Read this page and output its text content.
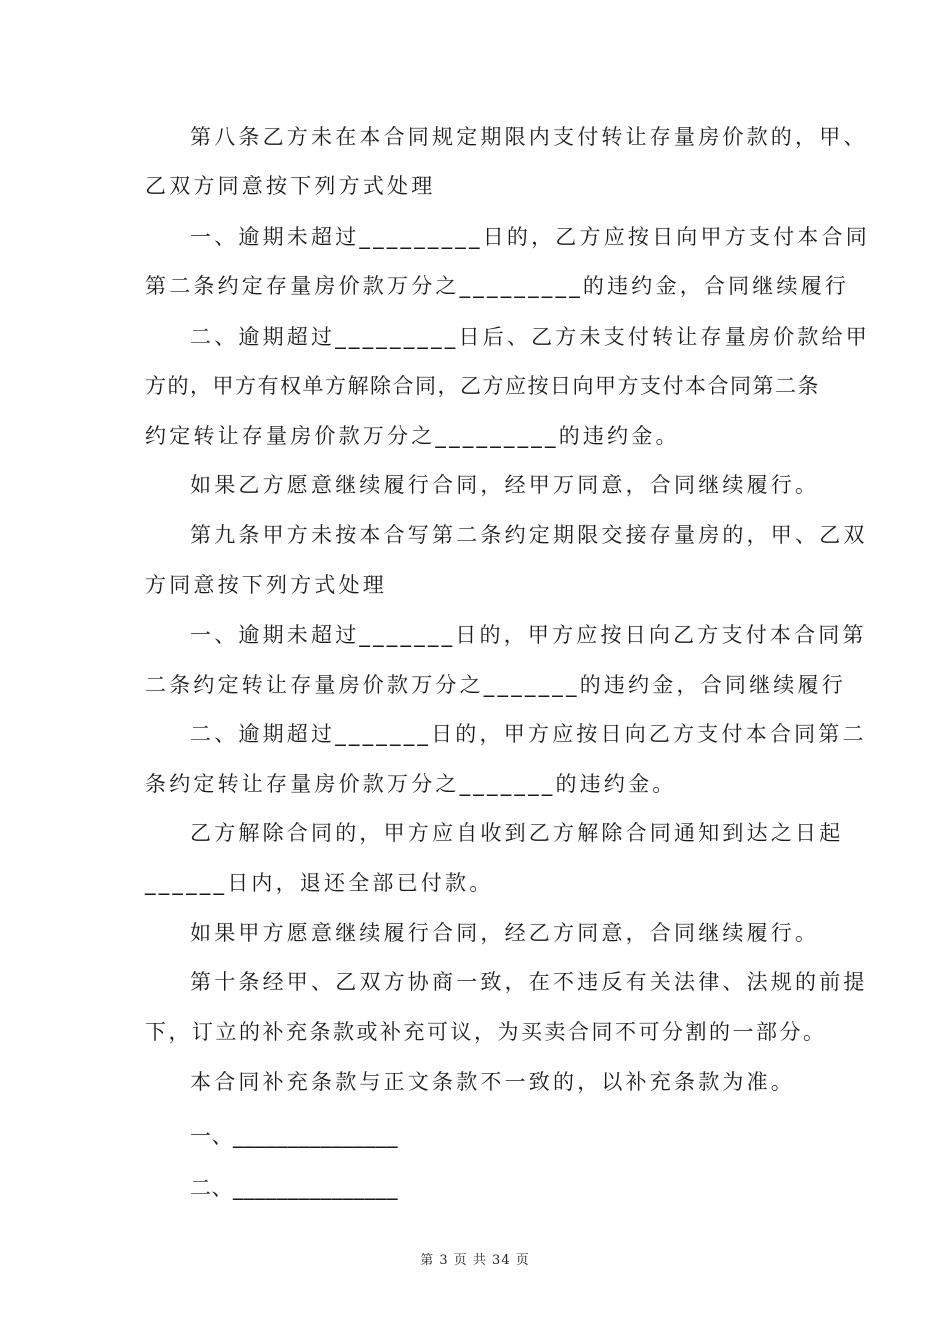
第八条乙方未在本合同规定期限内支付转让存量房价款的，甲、
乙双方同意按下列方式处理
一、逾期未超过_________日的，乙方应按日向甲方支付本合同
第二条约定存量房价款万分之_________的违约金，合同继续履行
二、逾期超过_________日后、乙方未支付转让存量房价款给甲
方的，甲方有权单方解除合同，乙方应按日向甲方支付本合同第二条
约定转让存量房价款万分之_________的违约金。
如果乙方愿意继续履行合同，经甲万同意，合同继续履行。
第九条甲方未按本合写第二条约定期限交接存量房的，甲、乙双
方同意按下列方式处理
一、逾期未超过_______日的，甲方应按日向乙方支付本合同第
二条约定转让存量房价款万分之_______的违约金，合同继续履行
二、逾期超过_______日的，甲方应按日向乙方支付本合同第二
条约定转让存量房价款万分之_______的违约金。
乙方解除合同的，甲方应自收到乙方解除合同通知到达之日起
______日内，退还全部已付款。
如果甲方愿意继续履行合同，经乙方同意，合同继续履行。
第十条经甲、乙双方协商一致，在不违反有关法律、法规的前提
下，订立的补充条款或补充可议，为买卖合同不可分割的一部分。
本合同补充条款与正文条款不一致的，以补充条款为准。
一、_______________
二、_______________
第 3 页 共 34 页
